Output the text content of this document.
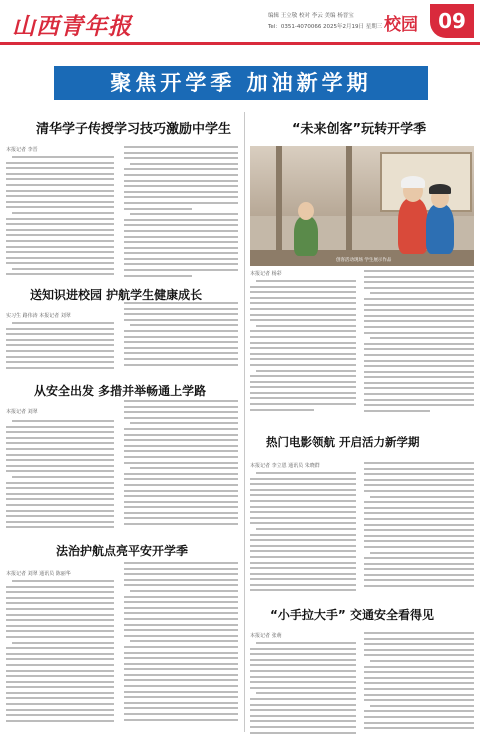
山西青年报	编辑 王立敬 校对 李云 美编 杨晋宝
Tel：0351-4070066 2025年2月19日 星期三 校园	09
聚焦开学季 加油新学期
清华学子传授学习技巧激励中学生
本报记者 李晋
送知识进校园 护航学生健康成长
实习生 路伟涛 本报记者 刘翠
从安全出发 多措并举畅通上学路
本报记者 刘翠
法治护航点亮平安开学季
本报记者 刘翠 通讯员 陈丽华
“未来创客”玩转开学季
创客活动现场 学生展示作品
本报记者 杨彩
热门电影领航 开启活力新学期
本报记者 李立恩 通讯员 朱晓群
“小手拉大手” 交通安全看得见
本报记者 张萌
